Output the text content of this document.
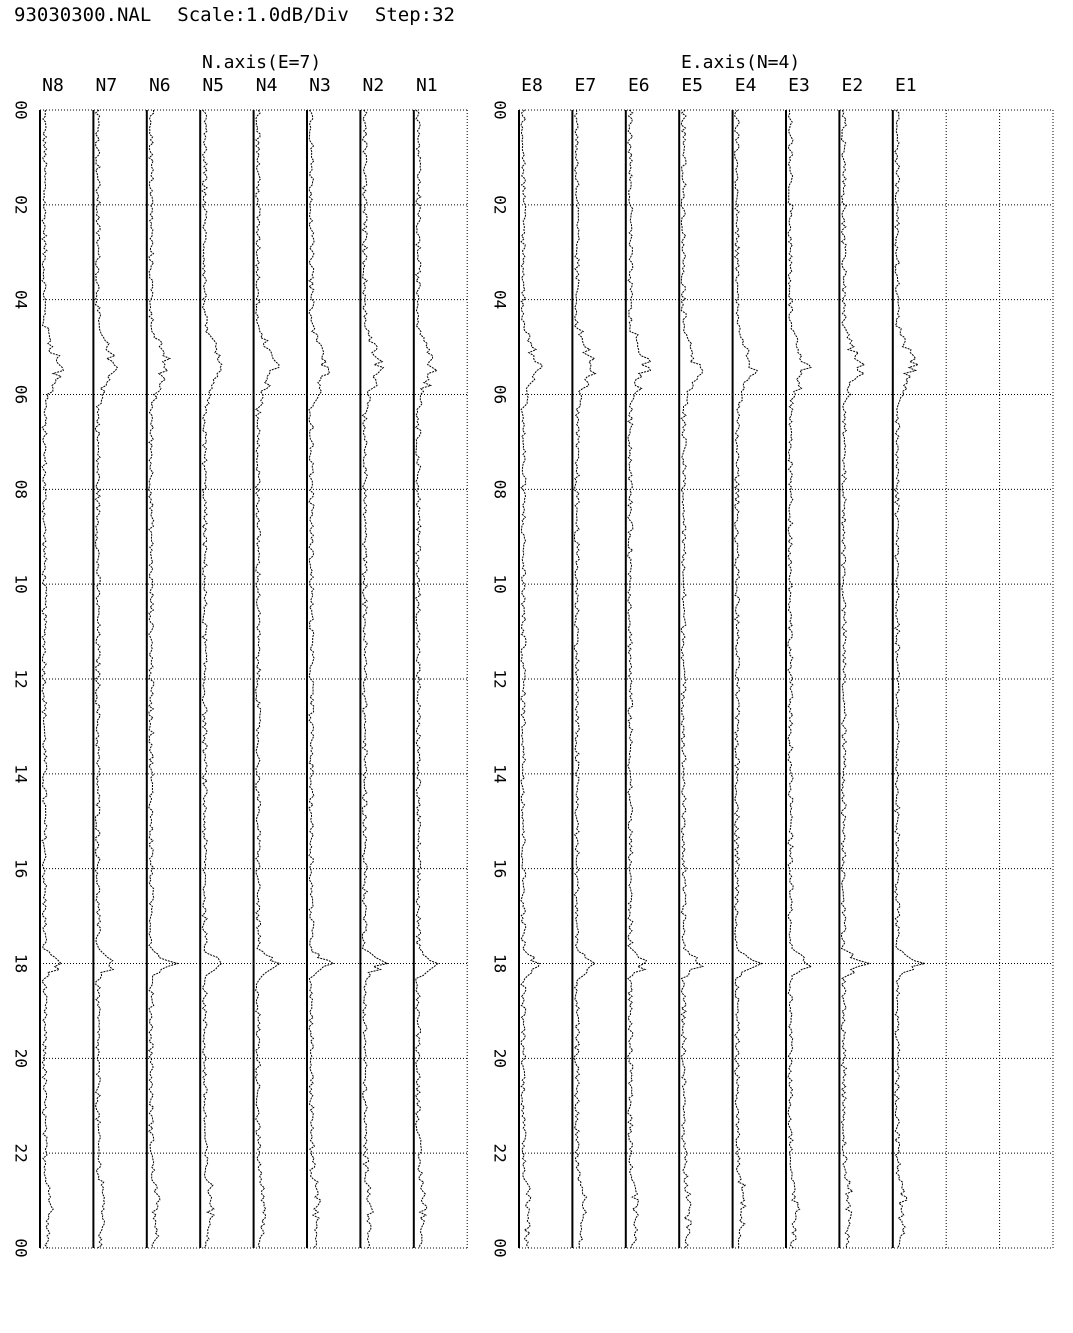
93030300.NAL Scale:1.0dB/Div Step:32
N.axis(E=7)
N8 N7 N6 N5 N4 N3 N2 N1
00
02
04
06
08
10
12
14
16
18
20
22
00
E.axis(N=4)
E8 E7 E6 E5 E4 E3 E2 E1
00
02
04
06
08
10
12
14
16
18
20
22
00
